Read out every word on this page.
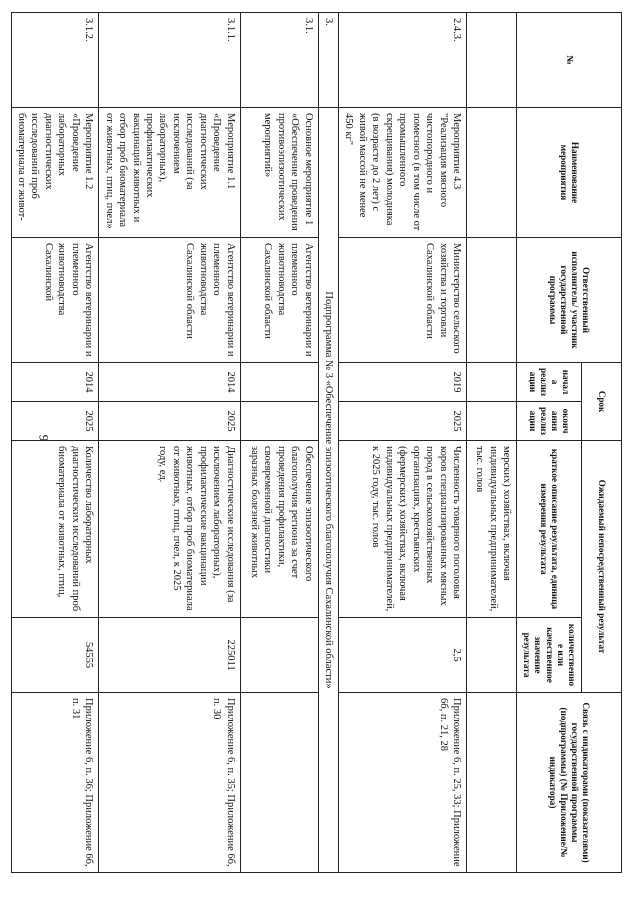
9
№	Наименование мероприятия	Ответственный исполнитель/ участник государственной программы	Срок		Ожидаемый непосредственный результат		Связь с индикаторами (показателями) государственной программы (подпрограммы) (№ Приложение/№ индикатора)
			начала реализации	окончания реализации	краткое описание результата, единица измерения результата	количественное или качественное значение результата	
					мерских) хозяйствах, включая индивидуальных предпринимателей, тыс. голов		
2.4.3.	Мероприятие 4.3 "Реализация мясного чистопородного и помесного (в том числе от промышленного скрещивания) молодняка (в возрасте до 2 лет) с живой массой не менее 450 кг"	Министерство сельского хозяйства и торговли Сахалинской области	2019	2025	Численность товарного поголовья коров специализированных мясных пород в сельскохозяйственных организациях, крестьянских (фермерских) хозяйствах, включая индивидуальных предпринимателей, к 2025 году, тыс. голов	2,5	Приложение 6, п. 25, 33; Приложение 6б, п. 21, 28
3.	Подпрограмма № 3 «Обеспечение эпизоотического благополучия Сахалинской области»						
3.1.	Основное мероприятие 1 «Обеспечение проведения противоэпизоотических мероприятий»	Агентство ветеринарии и племенного животноводства Сахалинской области			Обеспечение эпизоотического благополучия региона за счет проведения профилактики, своевременной диагностики заразных болезней животных		
3.1.1.	Мероприятие 1.1 «Проведение диагностических исследований (за исключением лабораторных), профилактических вакцинаций животных и отбор проб биоматериала от животных, птиц, пчел»	Агентство ветеринарии и племенного животноводства Сахалинской области	2014	2025	Диагностические исследования (за исключением лабораторных), профилактические вакцинации животных, отбор проб биоматериала от животных, птиц, пчел, к 2025 году, ед.	225011	Приложение 6, п. 35; Приложение 6б, п. 30
3.1.2.	Мероприятие 1.2 «Проведение лабораторных диагностических исследований проб биоматериала от живот-	Агентство ветеринарии и племенного животноводства Сахалинской	2014	2025	Количество лабораторных диагностических исследований проб биоматериала от животных, птиц,	54555	Приложение 6, п. 36; Приложение 6б, п. 31
